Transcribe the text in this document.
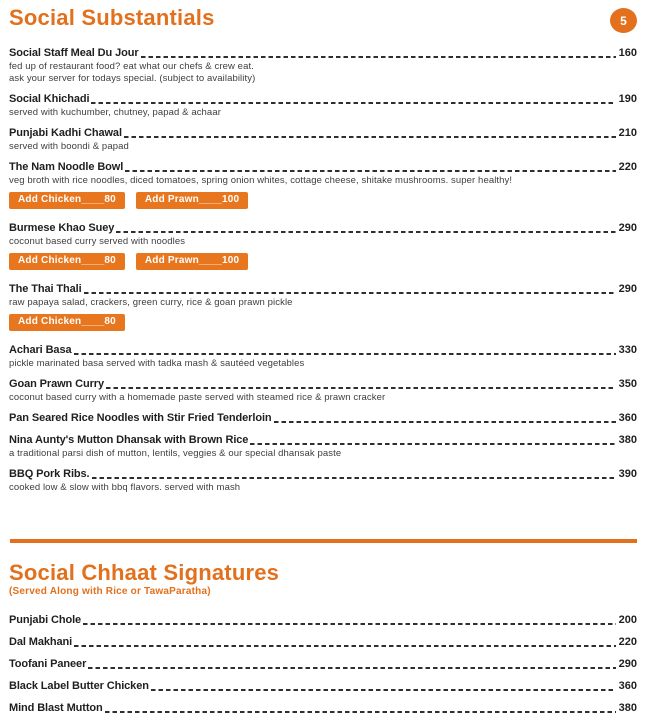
Social Substantials	5
Social Staff Meal Du Jour	160
fed up of restaurant food? eat what our chefs & crew eat.
ask your server for todays special. (subject to availability)
Social Khichadi	190
served with kuchumber, chutney, papad & achaar
Punjabi Kadhi Chawal	210
served with boondi & papad
The Nam Noodle Bowl	220
veg broth with rice noodles, diced tomatoes, spring onion whites, cottage cheese, shitake mushrooms. super healthy!
Add Chicken____80	Add Prawn____100
Burmese Khao Suey	290
coconut based curry served with noodles
Add Chicken____80	Add Prawn____100
The Thai Thali	290
raw papaya salad, crackers, green curry, rice & goan prawn pickle
Add Chicken____80
Achari Basa	330
pickle marinated basa served with tadka mash & sautéed vegetables
Goan Prawn Curry	350
coconut based curry with a homemade paste served with steamed rice & prawn cracker
Pan Seared Rice Noodles with Stir Fried Tenderloin	360
Nina Aunty's Mutton Dhansak with Brown Rice	380
a traditional parsi dish of mutton, lentils, veggies & our special dhansak paste
BBQ Pork Ribs.	390
cooked low & slow with bbq flavors. served with mash
Social Chhaat Signatures
(Served Along with Rice or TawaParatha)
Punjabi Chole	200
Dal Makhani	220
Toofani Paneer	290
Black Label Butter Chicken	360
Mind Blast Mutton	380
